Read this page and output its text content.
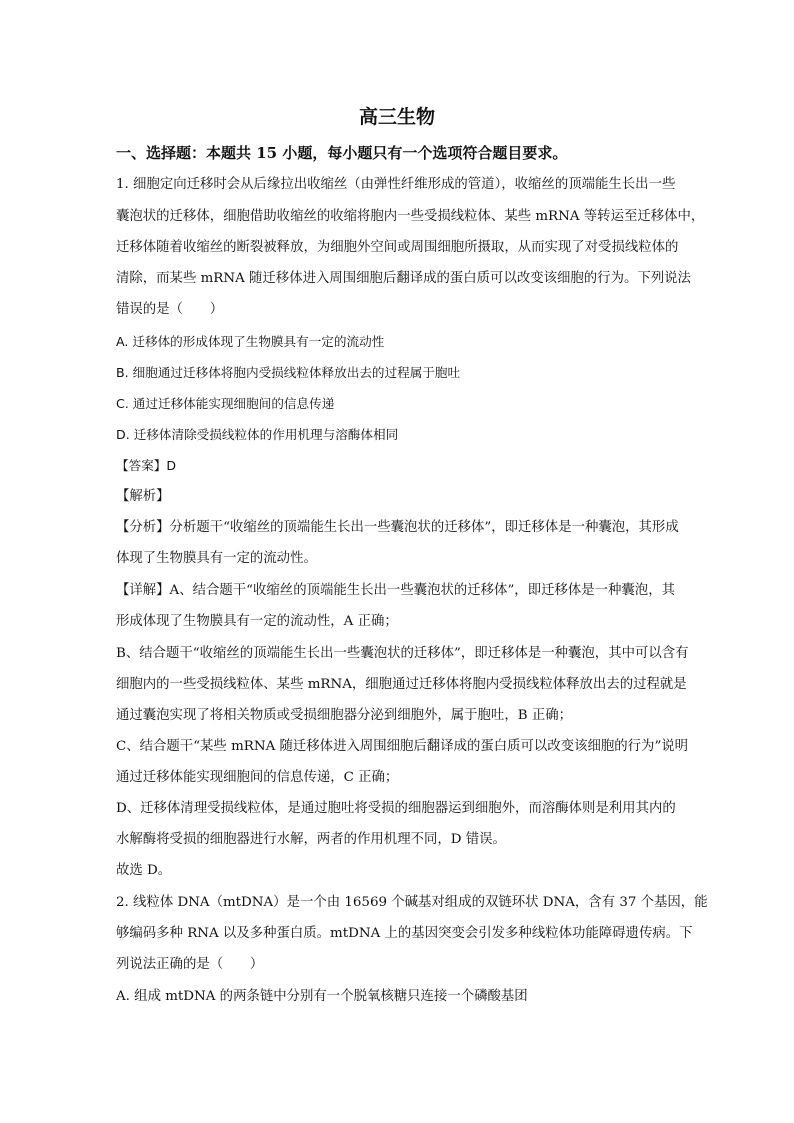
高三生物
一、选择题：本题共 15 小题，每小题只有一个选项符合题目要求。
1. 细胞定向迁移时会从后缘拉出收缩丝（由弹性纤维形成的管道），收缩丝的顶端能生长出一些
囊泡状的迁移体，细胞借助收缩丝的收缩将胞内一些受损线粒体、某些 mRNA 等转运至迁移体中，
迁移体随着收缩丝的断裂被释放，为细胞外空间或周围细胞所摄取，从而实现了对受损线粒体的
清除，而某些 mRNA 随迁移体进入周围细胞后翻译成的蛋白质可以改变该细胞的行为。下列说法
错误的是（　　）
A. 迁移体的形成体现了生物膜具有一定的流动性
B. 细胞通过迁移体将胞内受损线粒体释放出去的过程属于胞吐
C. 通过迁移体能实现细胞间的信息传递
D. 迁移体清除受损线粒体的作用机理与溶酶体相同
【答案】D
【解析】
【分析】分析题干“收缩丝的顶端能生长出一些囊泡状的迁移体”，即迁移体是一种囊泡，其形成
体现了生物膜具有一定的流动性。
【详解】A、结合题干“收缩丝的顶端能生长出一些囊泡状的迁移体”，即迁移体是一种囊泡，其
形成体现了生物膜具有一定的流动性，A 正确；
B、结合题干“收缩丝的顶端能生长出一些囊泡状的迁移体”，即迁移体是一种囊泡，其中可以含有
细胞内的一些受损线粒体、某些 mRNA，细胞通过迁移体将胞内受损线粒体释放出去的过程就是
通过囊泡实现了将相关物质或受损细胞器分泌到细胞外，属于胞吐，B 正确；
C、结合题干“某些 mRNA 随迁移体进入周围细胞后翻译成的蛋白质可以改变该细胞的行为”说明
通过迁移体能实现细胞间的信息传递，C 正确；
D、迁移体清理受损线粒体，是通过胞吐将受损的细胞器运到细胞外，而溶酶体则是利用其内的
水解酶将受损的细胞器进行水解，两者的作用机理不同，D 错误。
故选 D。
2. 线粒体 DNA（mtDNA）是一个由 16569 个碱基对组成的双链环状 DNA，含有 37 个基因，能
够编码多种 RNA 以及多种蛋白质。mtDNA 上的基因突变会引发多种线粒体功能障碍遗传病。下
列说法正确的是（　　）
A. 组成 mtDNA 的两条链中分别有一个脱氧核糖只连接一个磷酸基团
